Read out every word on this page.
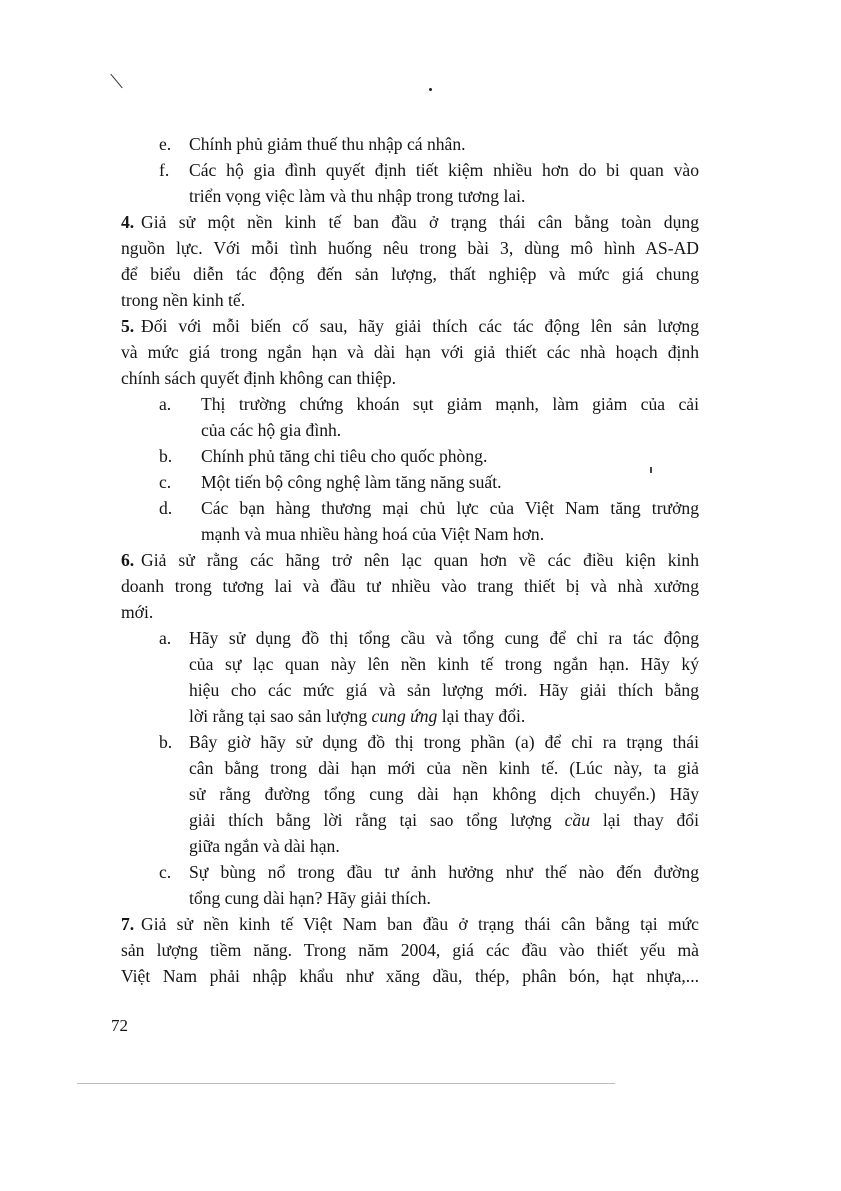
e. Chính phủ giảm thuế thu nhập cá nhân.
f. Các hộ gia đình quyết định tiết kiệm nhiều hơn do bi quan vào
triển vọng việc làm và thu nhập trong tương lai.
4. Giả sử một nền kinh tế ban đầu ở trạng thái cân bằng toàn dụng
nguồn lực. Với mỗi tình huống nêu trong bài 3, dùng mô hình AS-AD
để biểu diễn tác động đến sản lượng, thất nghiệp và mức giá chung
trong nền kinh tế.
5. Đối với mỗi biến cố sau, hãy giải thích các tác động lên sản lượng
và mức giá trong ngắn hạn và dài hạn với giả thiết các nhà hoạch định
chính sách quyết định không can thiệp.
a. Thị trường chứng khoán sụt giảm mạnh, làm giảm của cải
của các hộ gia đình.
b. Chính phủ tăng chi tiêu cho quốc phòng.
c. Một tiến bộ công nghệ làm tăng năng suất.
d. Các bạn hàng thương mại chủ lực của Việt Nam tăng trưởng
mạnh và mua nhiều hàng hoá của Việt Nam hơn.
6. Giả sử rằng các hãng trở nên lạc quan hơn về các điều kiện kinh
doanh trong tương lai và đầu tư nhiều vào trang thiết bị và nhà xưởng
mới.
a. Hãy sử dụng đồ thị tổng cầu và tổng cung để chỉ ra tác động
của sự lạc quan này lên nền kinh tế trong ngắn hạn. Hãy ký
hiệu cho các mức giá và sản lượng mới. Hãy giải thích bằng
lời rằng tại sao sản lượng cung ứng lại thay đổi.
b. Bây giờ hãy sử dụng đồ thị trong phần (a) để chỉ ra trạng thái
cân bằng trong dài hạn mới của nền kinh tế. (Lúc này, ta giả
sử rằng đường tổng cung dài hạn không dịch chuyển.) Hãy
giải thích bằng lời rằng tại sao tổng lượng cầu lại thay đổi
giữa ngắn và dài hạn.
c. Sự bùng nổ trong đầu tư ảnh hưởng như thế nào đến đường
tổng cung dài hạn? Hãy giải thích.
7. Giả sử nền kinh tế Việt Nam ban đầu ở trạng thái cân bằng tại mức
sản lượng tiềm năng. Trong năm 2004, giá các đầu vào thiết yếu mà
Việt Nam phải nhập khẩu như xăng dầu, thép, phân bón, hạt nhựa,...
72
